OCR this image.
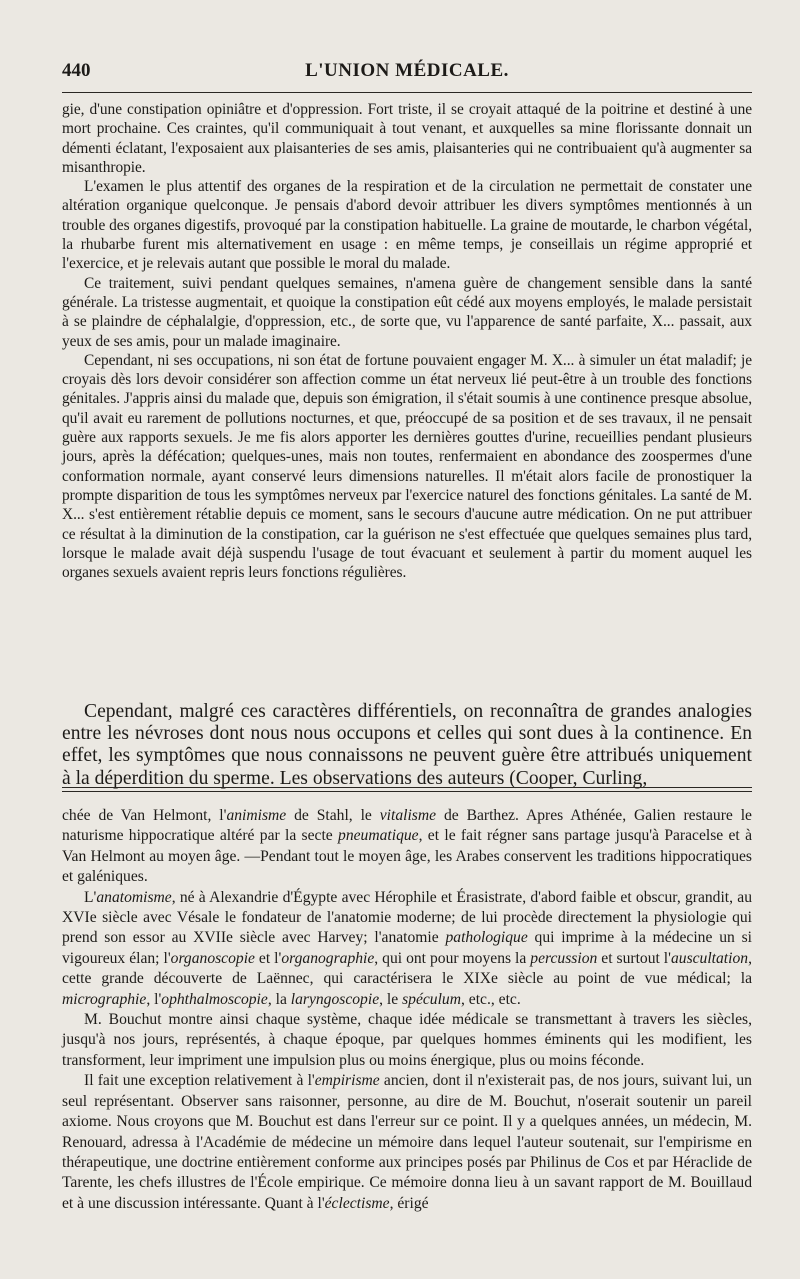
440	L'UNION MÉDICALE.

gie, d'une constipation opiniâtre et d'oppression. Fort triste, il se croyait attaqué de la poitrine et destiné à une mort prochaine. Ces craintes, qu'il communiquait à tout venant, et auxquelles sa mine florissante donnait un démenti éclatant, l'exposaient aux plaisanteries de ses amis, plaisanteries qui ne contribuaient qu'à augmenter sa misanthropie.

L'examen le plus attentif des organes de la respiration et de la circulation ne permettait de constater une altération organique quelconque. Je pensais d'abord devoir attribuer les divers symptômes mentionnés à un trouble des organes digestifs, provoqué par la constipation habituelle. La graine de moutarde, le charbon végétal, la rhubarbe furent mis alternativement en usage : en même temps, je conseillais un régime approprié et l'exercice, et je relevais autant que possible le moral du malade.

Ce traitement, suivi pendant quelques semaines, n'amena guère de changement sensible dans la santé générale. La tristesse augmentait, et quoique la constipation eût cédé aux moyens employés, le malade persistait à se plaindre de céphalalgie, d'oppression, etc., de sorte que, vu l'apparence de santé parfaite, X... passait, aux yeux de ses amis, pour un malade imaginaire.

Cependant, ni ses occupations, ni son état de fortune pouvaient engager M. X... à simuler un état maladif; je croyais dès lors devoir considérer son affection comme un état nerveux lié peut-être à un trouble des fonctions génitales. J'appris ainsi du malade que, depuis son émigration, il s'était soumis à une continence presque absolue, qu'il avait eu rarement de pollutions nocturnes, et que, préoccupé de sa position et de ses travaux, il ne pensait guère aux rapports sexuels. Je me fis alors apporter les dernières gouttes d'urine, recueillies pendant plusieurs jours, après la défécation; quelques-unes, mais non toutes, renfermaient en abondance des zoospermes d'une conformation normale, ayant conservé leurs dimensions naturelles. Il m'était alors facile de pronostiquer la prompte disparition de tous les symptômes nerveux par l'exercice naturel des fonctions génitales. La santé de M. X... s'est entièrement rétablie depuis ce moment, sans le secours d'aucune autre médication. On ne put attribuer ce résultat à la diminution de la constipation, car la guérison ne s'est effectuée que quelques semaines plus tard, lorsque le malade avait déjà suspendu l'usage de tout évacuant et seulement à partir du moment auquel les organes sexuels avaient repris leurs fonctions régulières.

Cependant, malgré ces caractères différentiels, on reconnaîtra de grandes analogies entre les névroses dont nous nous occupons et celles qui sont dues à la continence. En effet, les symptômes que nous connaissons ne peuvent guère être attribués uniquement à la déperdition du sperme. Les observations des auteurs (Cooper, Curling,

chée de Van Helmont, l'animisme de Stahl, le vitalisme de Barthez. Apres Athénée, Galien restaure le naturisme hippocratique altéré par la secte pneumatique, et le fait régner sans partage jusqu'à Paracelse et à Van Helmont au moyen âge. —Pendant tout le moyen âge, les Arabes conservent les traditions hippocratiques et galéniques.

L'anatomisme, né à Alexandrie d'Égypte avec Hérophile et Érasistrate, d'abord faible et obscur, grandit, au XVIe siècle avec Vésale le fondateur de l'anatomie moderne; de lui procède directement la physiologie qui prend son essor au XVIIe siècle avec Harvey; l'anatomie pathologique qui imprime à la médecine un si vigoureux élan; l'organoscopie et l'organographie, qui ont pour moyens la percussion et surtout l'auscultation, cette grande découverte de Laënnec, qui caractérisera le XIXe siècle au point de vue médical; la micrographie, l'ophthalmoscopie, la laryngoscopie, le spéculum, etc., etc.

M. Bouchut montre ainsi chaque système, chaque idée médicale se transmettant à travers les siècles, jusqu'à nos jours, représentés, à chaque époque, par quelques hommes éminents qui les modifient, les transforment, leur impriment une impulsion plus ou moins énergique, plus ou moins féconde.

Il fait une exception relativement à l'empirisme ancien, dont il n'existerait pas, de nos jours, suivant lui, un seul représentant. Observer sans raisonner, personne, au dire de M. Bouchut, n'oserait soutenir un pareil axiome. Nous croyons que M. Bouchut est dans l'erreur sur ce point. Il y a quelques années, un médecin, M. Renouard, adressa à l'Académie de médecine un mémoire dans lequel l'auteur soutenait, sur l'empirisme en thérapeutique, une doctrine entièrement conforme aux principes posés par Philinus de Cos et par Héraclide de Tarente, les chefs illustres de l'École empirique. Ce mémoire donna lieu à un savant rapport de M. Bouillaud et à une discussion intéressante. Quant à l'éclectisme, érigé
